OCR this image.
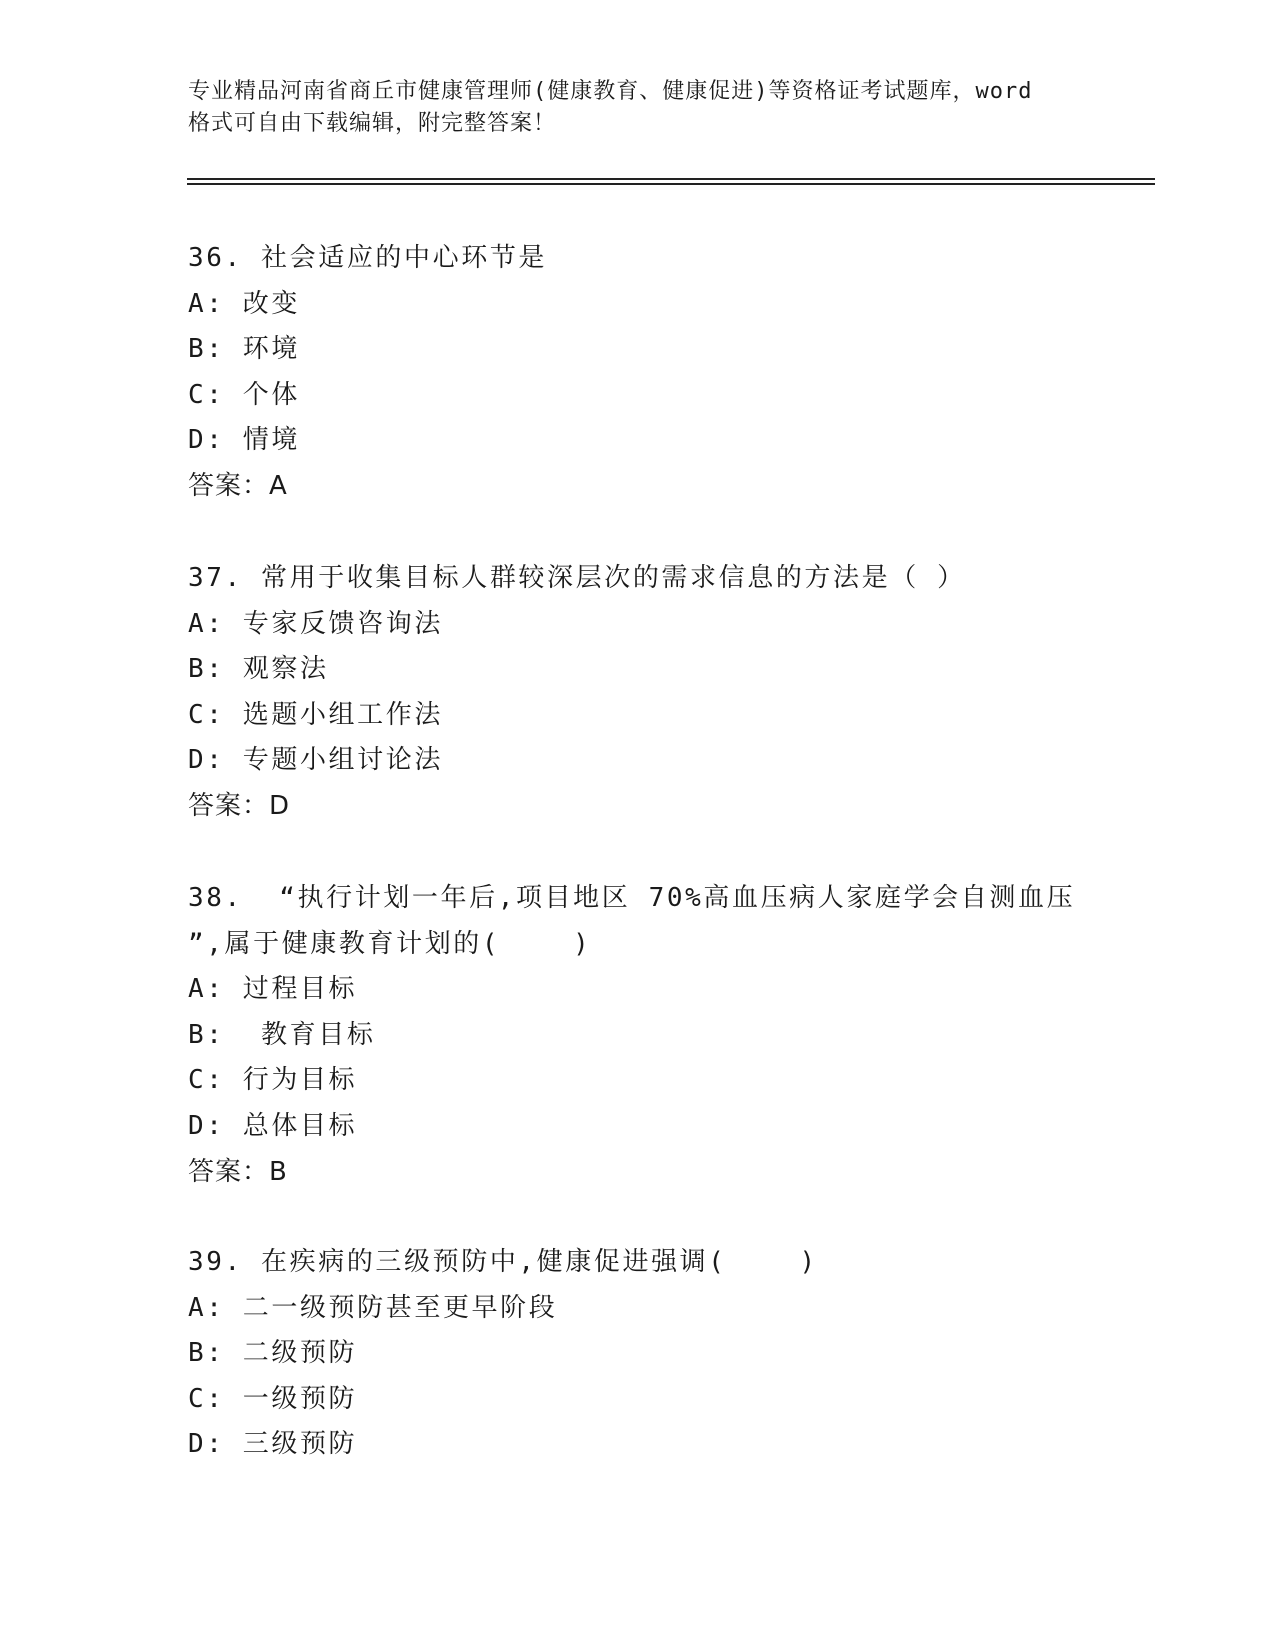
专业精品河南省商丘市健康管理师(健康教育、健康促进)等资格证考试题库，word
格式可自由下载编辑，附完整答案！
36. 社会适应的中心环节是
A: 改变
B: 环境
C: 个体
D: 情境
答案：A
37. 常用于收集目标人群较深层次的需求信息的方法是（ ）
A: 专家反馈咨询法
B: 观察法
C: 选题小组工作法
D: 专题小组讨论法
答案：D
38.  “执行计划一年后,项目地区 70%高血压病人家庭学会自测血压
”,属于健康教育计划的(    )
A: 过程目标
B:  教育目标
C: 行为目标
D: 总体目标
答案：B
39. 在疾病的三级预防中,健康促进强调(    )
A: 二一级预防甚至更早阶段
B: 二级预防
C: 一级预防
D: 三级预防
